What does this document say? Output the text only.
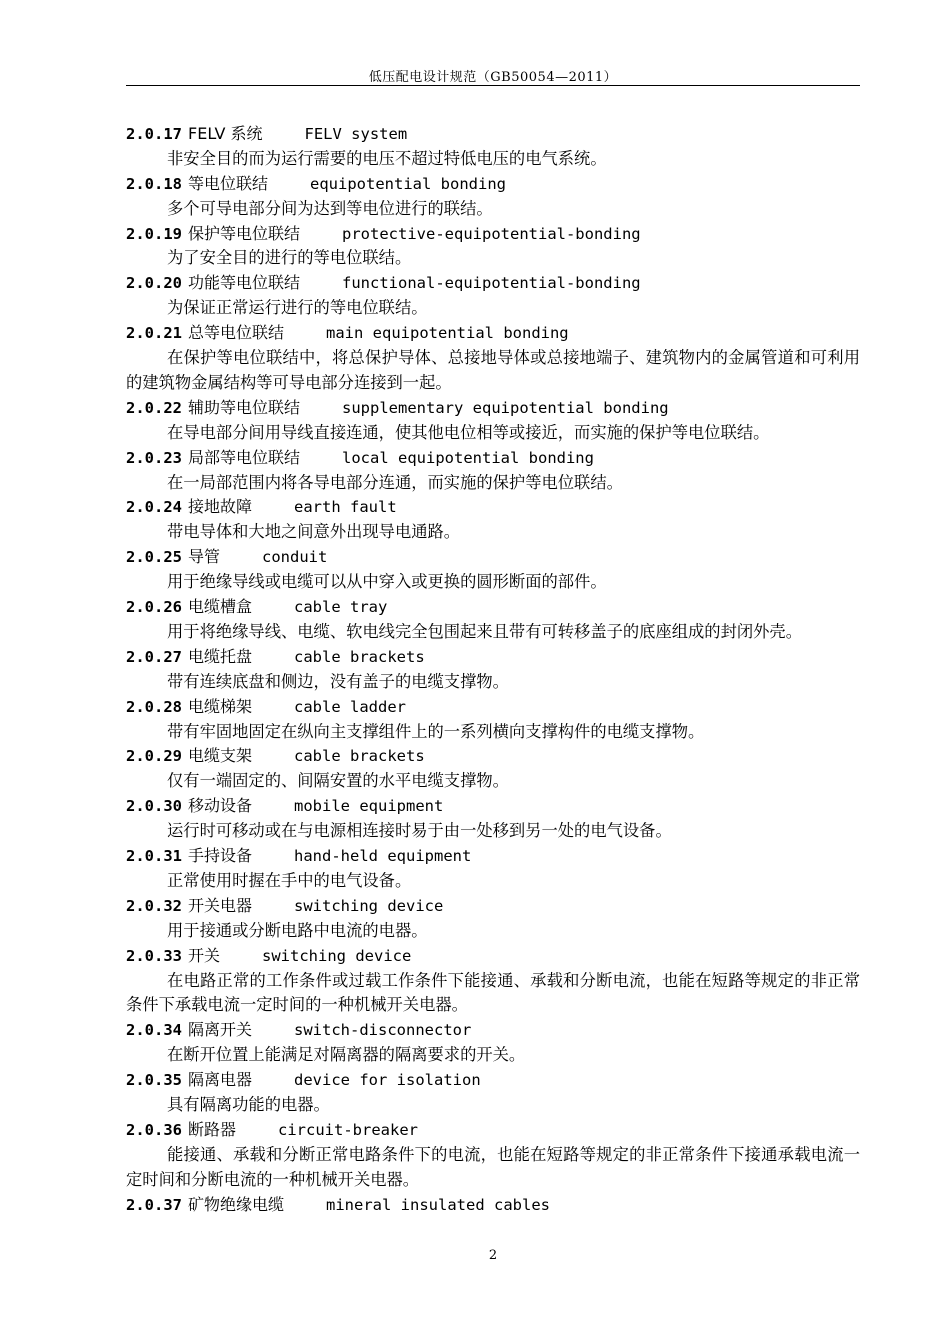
低压配电设计规范（GB50054—2011）
2.0.17 FELV 系统	FELV system

非安全目的而为运行需要的电压不超过特低电压的电气系统。

2.0.18 等电位联结	equipotential bonding

多个可导电部分间为达到等电位进行的联结。

2.0.19 保护等电位联结	protective-equipotential-bonding

为了安全目的进行的等电位联结。

2.0.20 功能等电位联结	functional-equipotential-bonding

为保证正常运行进行的等电位联结。

2.0.21 总等电位联结	main equipotential bonding

在保护等电位联结中，将总保护导体、总接地导体或总接地端子、建筑物内的金属管道和可利用的建筑物金属结构等可导电部分连接到一起。

2.0.22 辅助等电位联结	supplementary equipotential bonding

在导电部分间用导线直接连通，使其他电位相等或接近，而实施的保护等电位联结。

2.0.23 局部等电位联结	local equipotential bonding

在一局部范围内将各导电部分连通，而实施的保护等电位联结。

2.0.24 接地故障	earth fault

带电导体和大地之间意外出现导电通路。

2.0.25 导管	conduit

用于绝缘导线或电缆可以从中穿入或更换的圆形断面的部件。

2.0.26 电缆槽盒	cable tray

用于将绝缘导线、电缆、软电线完全包围起来且带有可转移盖子的底座组成的封闭外壳。

2.0.27 电缆托盘	cable brackets

带有连续底盘和侧边，没有盖子的电缆支撑物。

2.0.28 电缆梯架	cable ladder

带有牢固地固定在纵向主支撑组件上的一系列横向支撑构件的电缆支撑物。

2.0.29 电缆支架	cable brackets

仅有一端固定的、间隔安置的水平电缆支撑物。

2.0.30 移动设备	mobile equipment

运行时可移动或在与电源相连接时易于由一处移到另一处的电气设备。

2.0.31 手持设备	hand-held equipment

正常使用时握在手中的电气设备。

2.0.32 开关电器	switching device

用于接通或分断电路中电流的电器。

2.0.33 开关	switching device

在电路正常的工作条件或过载工作条件下能接通、承载和分断电流，也能在短路等规定的非正常条件下承载电流一定时间的一种机械开关电器。

2.0.34 隔离开关	switch-disconnector

在断开位置上能满足对隔离器的隔离要求的开关。

2.0.35 隔离电器	device for isolation

具有隔离功能的电器。

2.0.36 断路器	circuit-breaker

能接通、承载和分断正常电路条件下的电流，也能在短路等规定的非正常条件下接通承载电流一定时间和分断电流的一种机械开关电器。

2.0.37 矿物绝缘电缆	mineral insulated cables
2
